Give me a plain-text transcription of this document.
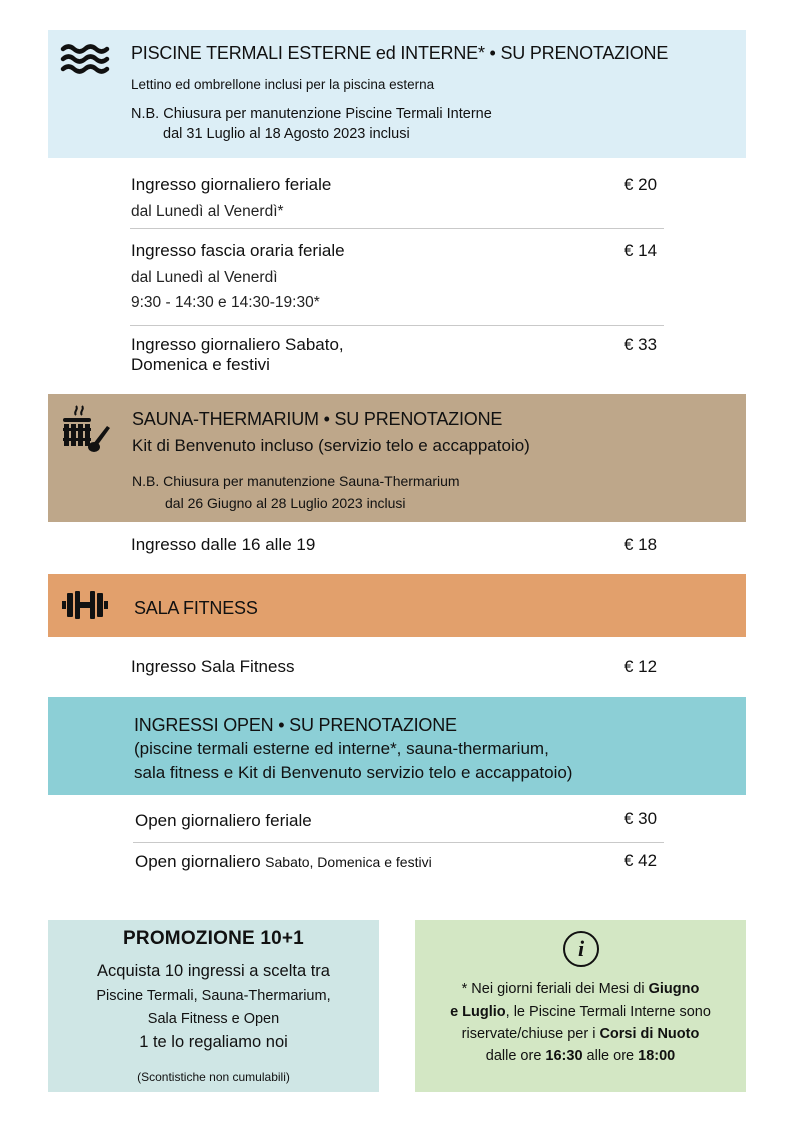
PISCINE TERMALI ESTERNE ed INTERNE* • SU PRENOTAZIONE
Lettino ed ombrellone inclusi per la piscina esterna
N.B. Chiusura per manutenzione Piscine Termali Interne
dal 31 Luglio al 18 Agosto 2023 inclusi
Ingresso giornaliero feriale
dal Lunedì al Venerdì*
€ 20
Ingresso fascia oraria feriale
dal Lunedì al Venerdì
9:30 - 14:30 e 14:30-19:30*
€ 14
Ingresso giornaliero Sabato,
Domenica e festivi
€ 33
SAUNA-THERMARIUM • SU PRENOTAZIONE
Kit di Benvenuto incluso (servizio telo e accappatoio)
N.B. Chiusura per manutenzione Sauna-Thermarium
dal 26 Giugno al 28 Luglio 2023 inclusi
Ingresso dalle 16 alle 19	€ 18
SALA FITNESS
Ingresso Sala Fitness	€ 12
INGRESSI OPEN • SU PRENOTAZIONE
(piscine termali esterne ed interne*, sauna-thermarium,
sala fitness e Kit di Benvenuto servizio telo e accappatoio)
Open giornaliero feriale	€ 30
Open giornaliero Sabato, Domenica e festivi	€ 42
PROMOZIONE 10+1
Acquista 10 ingressi a scelta tra
Piscine Termali, Sauna-Thermarium,
Sala Fitness e Open
1 te lo regaliamo noi
(Scontistiche non cumulabili)
i
* Nei giorni feriali dei Mesi di Giugno
e Luglio, le Piscine Termali Interne sono
riservate/chiuse per i Corsi di Nuoto
dalle ore 16:30 alle ore 18:00
